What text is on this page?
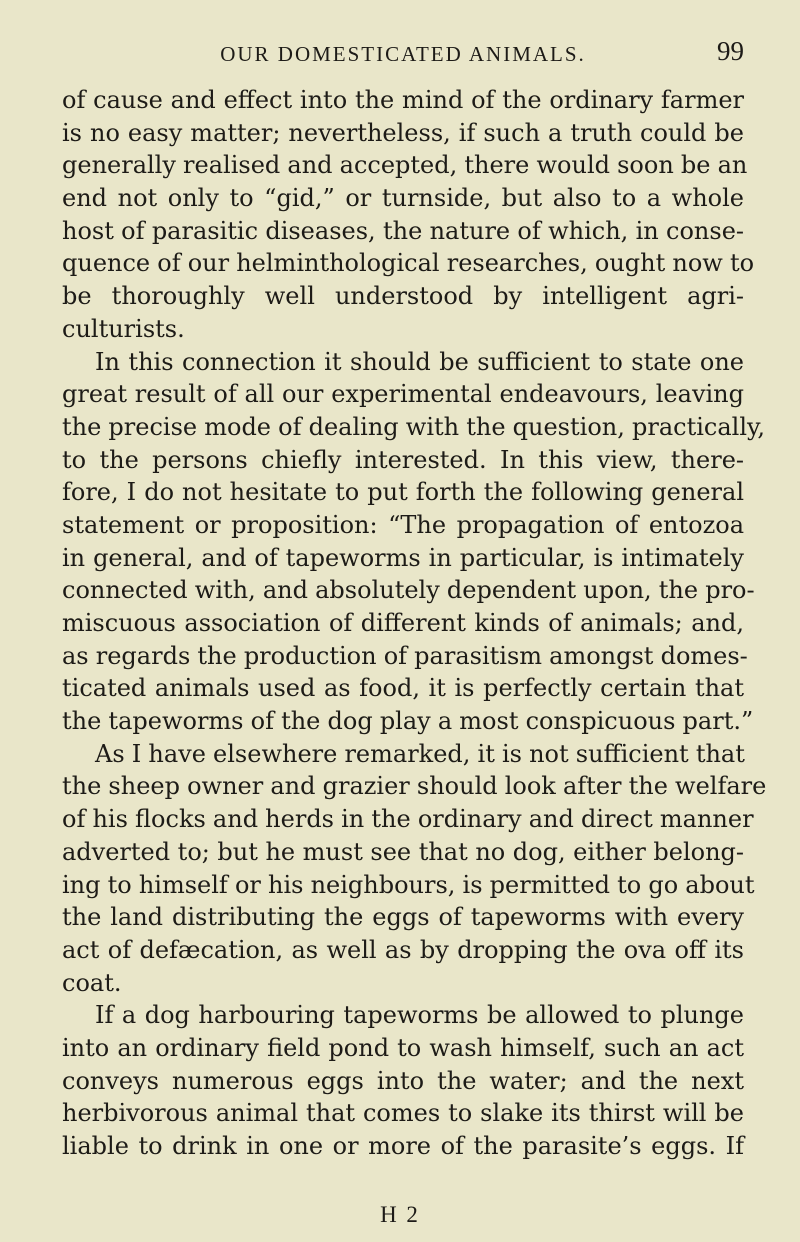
OUR DOMESTICATED ANIMALS.	99
of cause and effect into the mind of the ordinary farmer
is no easy matter; nevertheless, if such a truth could be
generally realised and accepted, there would soon be an
end not only to “gid,” or turnside, but also to a whole
host of parasitic diseases, the nature of which, in conse-
quence of our helminthological researches, ought now to
be thoroughly well understood by intelligent agri-
culturists.
In this connection it should be sufficient to state one
great result of all our experimental endeavours, leaving
the precise mode of dealing with the question, practically,
to the persons chiefly interested. In this view, there-
fore, I do not hesitate to put forth the following general
statement or proposition: “The propagation of entozoa
in general, and of tapeworms in particular, is intimately
connected with, and absolutely dependent upon, the pro-
miscuous association of different kinds of animals; and,
as regards the production of parasitism amongst domes-
ticated animals used as food, it is perfectly certain that
the tapeworms of the dog play a most conspicuous part.”
As I have elsewhere remarked, it is not sufficient that
the sheep owner and grazier should look after the welfare
of his flocks and herds in the ordinary and direct manner
adverted to; but he must see that no dog, either belong-
ing to himself or his neighbours, is permitted to go about
the land distributing the eggs of tapeworms with every
act of defæcation, as well as by dropping the ova off its
coat.
If a dog harbouring tapeworms be allowed to plunge
into an ordinary field pond to wash himself, such an act
conveys numerous eggs into the water; and the next
herbivorous animal that comes to slake its thirst will be
liable to drink in one or more of the parasite’s eggs. If
H 2
